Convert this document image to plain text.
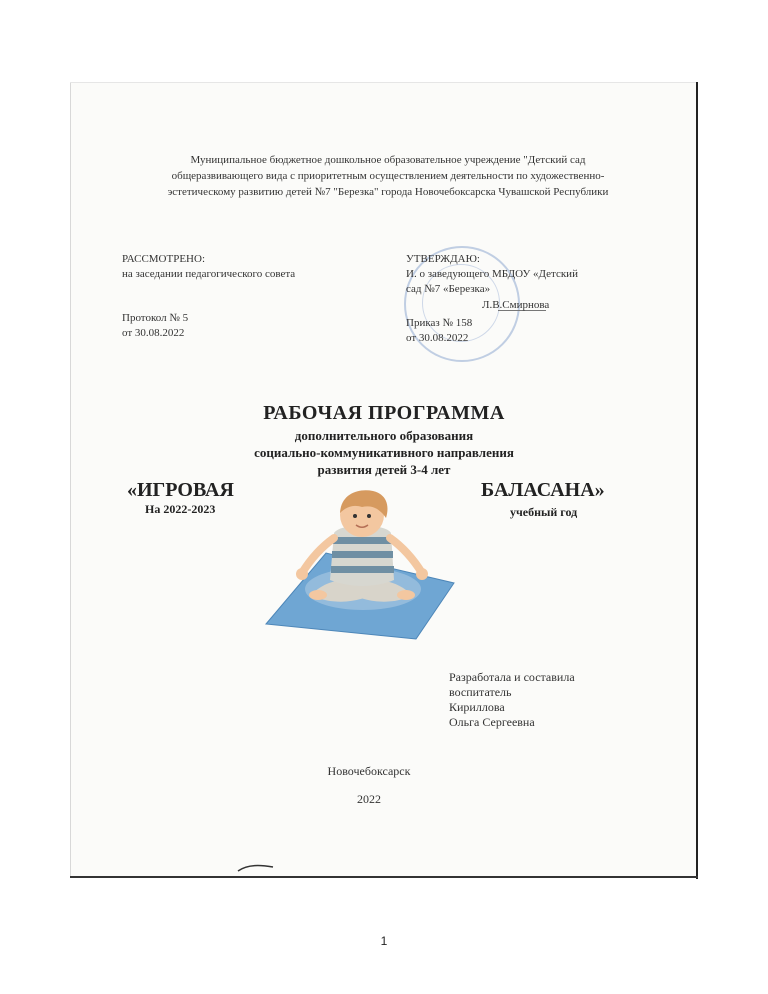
Муниципальное бюджетное дошкольное образовательное учреждение "Детский сад
общеразвивающего вида с приоритетным осуществлением деятельности по художественно-
эстетическому развитию детей №7 "Березка" города Новочебоксарска Чувашской Республики
РАССМОТРЕНО:
на заседании педагогического совета
Протокол № 5
от 30.08.2022
УТВЕРЖДАЮ:
И. о заведующего МБДОУ «Детский
сад №7 «Березка»
Л.В.Смирнова
Приказ № 158
от 30.08.2022
РАБОЧАЯ ПРОГРАММА
дополнительного образования
социально-коммуникативного направления
развития детей 3-4 лет
«ИГРОВАЯ	БАЛАСАНА»
На 2022-2023	учебный год
Разработала и составила
воспитатель
Кириллова
Ольга Сергеевна
Новочебоксарск
2022
1
